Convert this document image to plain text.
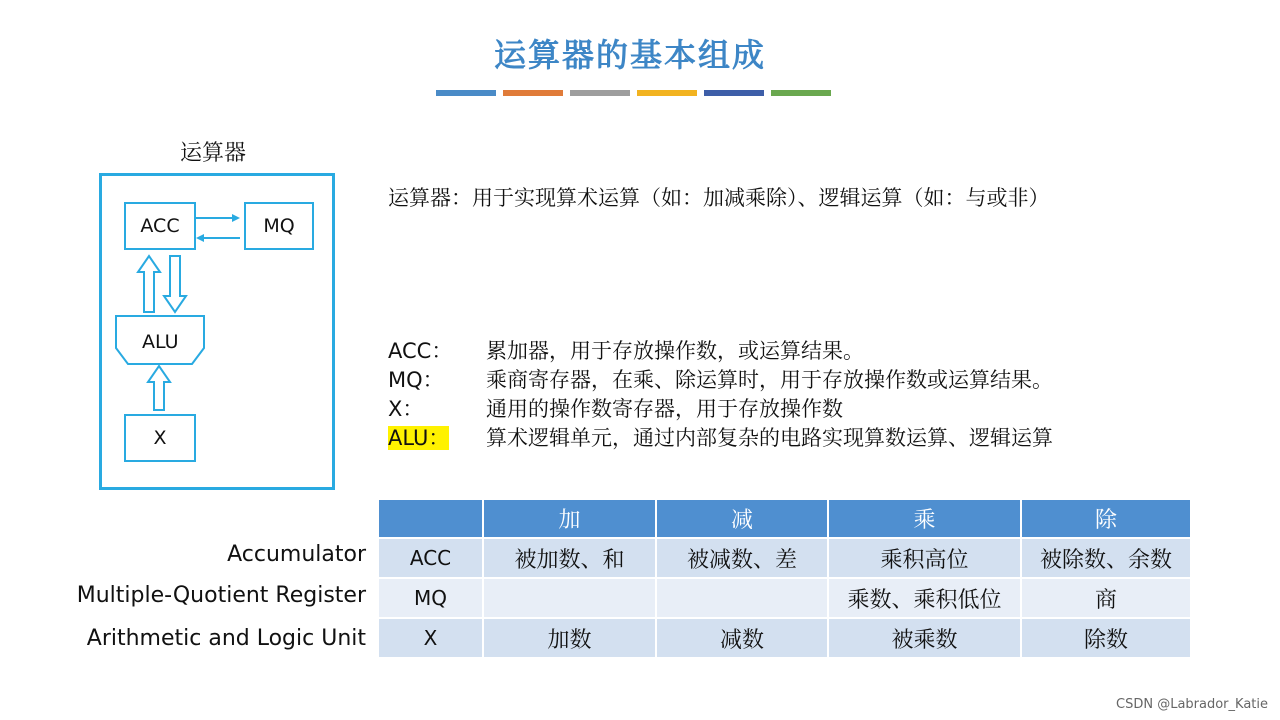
运算器的基本组成
运算器
ACC	MQ
ALU
X
运算器：用于实现算术运算（如：加减乘除）、逻辑运算（如：与或非）
ACC：	累加器，用于存放操作数，或运算结果。
MQ：	乘商寄存器，在乘、除运算时，用于存放操作数或运算结果。
X：	通用的操作数寄存器，用于存放操作数
ALU：	算术逻辑单元，通过内部复杂的电路实现算数运算、逻辑运算
Accumulator
Multiple-Quotient Register
Arithmetic and Logic Unit
	加	减	乘	除
ACC	被加数、和	被减数、差	乘积高位	被除数、余数
MQ			乘数、乘积低位	商
X	加数	减数	被乘数	除数
CSDN @Labrador_Katie
